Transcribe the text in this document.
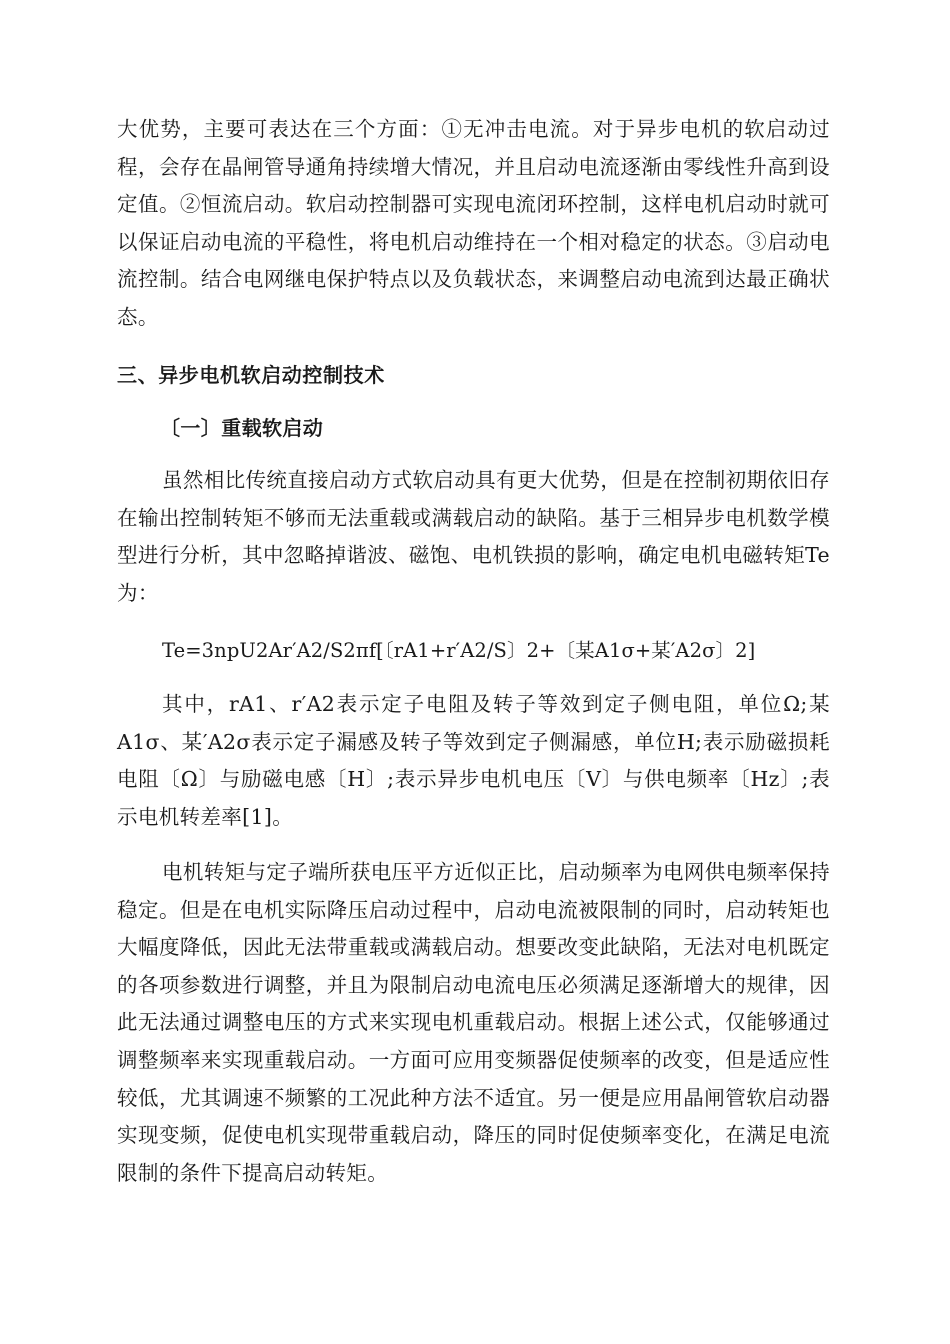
大优势，主要可表达在三个方面：①无冲击电流。对于异步电机的软启动过程，会存在晶闸管导通角持续增大情况，并且启动电流逐渐由零线性升高到设定值。②恒流启动。软启动控制器可实现电流闭环控制，这样电机启动时就可以保证启动电流的平稳性，将电机启动维持在一个相对稳定的状态。③启动电流控制。结合电网继电保护特点以及负载状态，来调整启动电流到达最正确状态。

三、异步电机软启动控制技术
〔一〕重载软启动

虽然相比传统直接启动方式软启动具有更大优势，但是在控制初期依旧存在输出控制转矩不够而无法重载或满载启动的缺陷。基于三相异步电机数学模型进行分析，其中忽略掉谐波、磁饱、电机铁损的影响，确定电机电磁转矩Te为：

Te=3npU2Ar′A2/S2πf[〔rA1+r′A2/S〕2+〔某A1σ+某′A2σ〕2]

其中，rA1、r′A2表示定子电阻及转子等效到定子侧电阻，单位Ω;某A1σ、某′A2σ表示定子漏感及转子等效到定子侧漏感，单位H;表示励磁损耗电阻〔Ω〕与励磁电感〔H〕;表示异步电机电压〔V〕与供电频率〔Hz〕;表示电机转差率[1]。

电机转矩与定子端所获电压平方近似正比，启动频率为电网供电频率保持稳定。但是在电机实际降压启动过程中，启动电流被限制的同时，启动转矩也大幅度降低，因此无法带重载或满载启动。想要改变此缺陷，无法对电机既定的各项参数进行调整，并且为限制启动电流电压必须满足逐渐增大的规律，因此无法通过调整电压的方式来实现电机重载启动。根据上述公式，仅能够通过调整频率来实现重载启动。一方面可应用变频器促使频率的改变，但是适应性较低，尤其调速不频繁的工况此种方法不适宜。另一便是应用晶闸管软启动器实现变频，促使电机实现带重载启动，降压的同时促使频率变化，在满足电流限制的条件下提高启动转矩。
